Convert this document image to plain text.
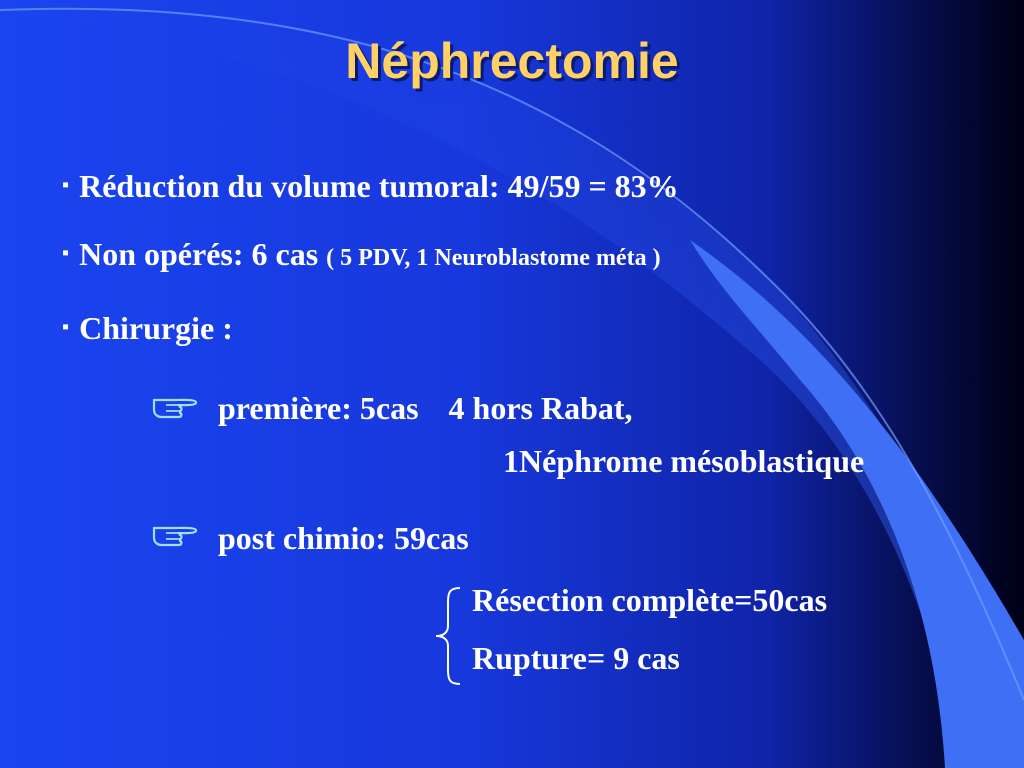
Néphrectomie
▪ Réduction du volume tumoral: 49/59 = 83%
▪ Non opérés: 6 cas ( 5 PDV, 1 Neuroblastome méta )
▪ Chirurgie :
première: 5cas 4 hors Rabat,
1Néphrome mésoblastique
post chimio: 59cas
Résection complète=50cas
Rupture= 9 cas
